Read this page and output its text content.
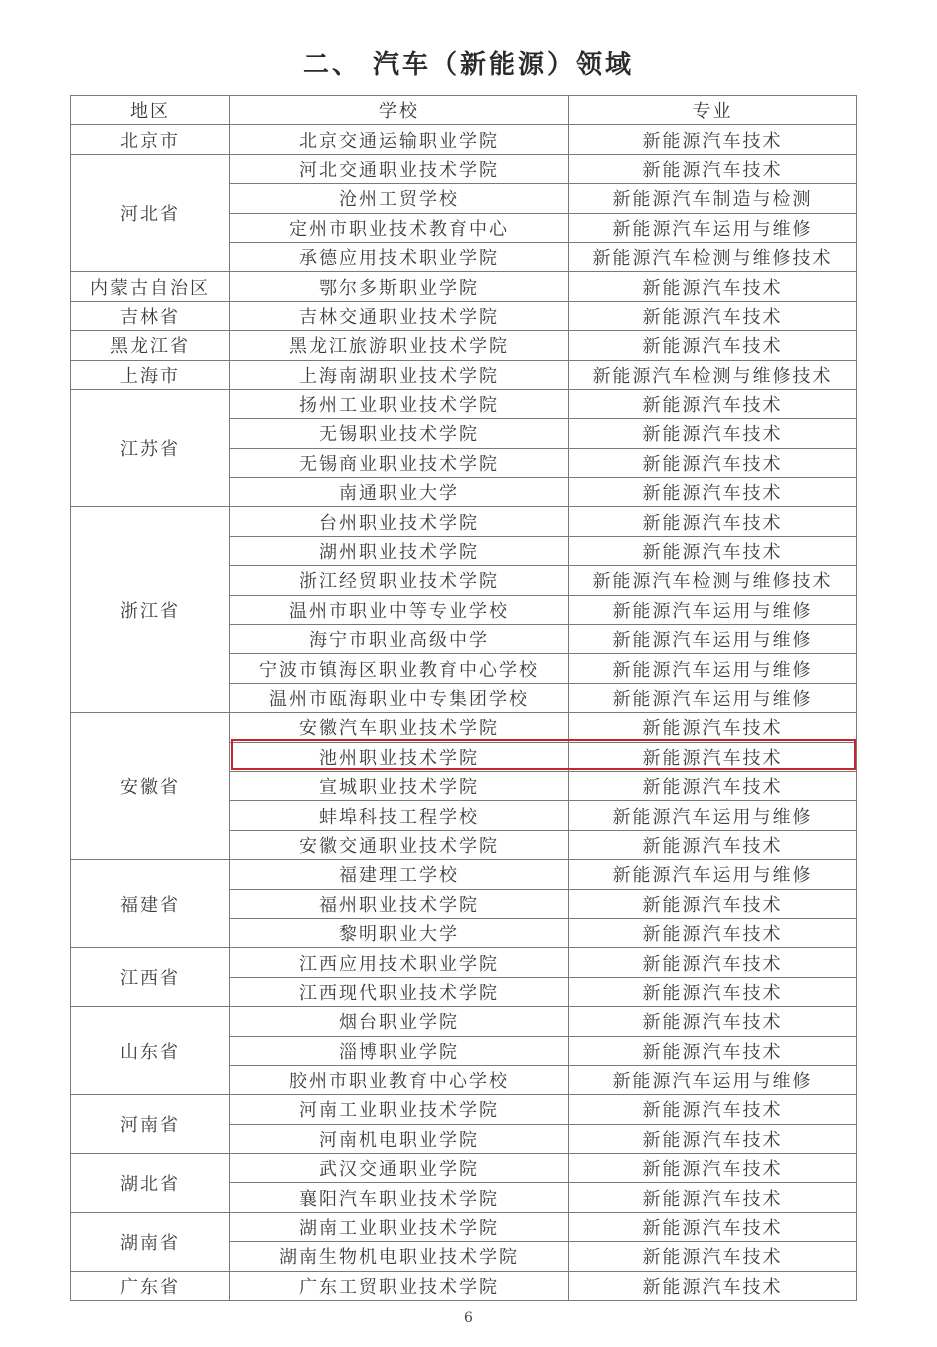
二、 汽车（新能源）领域
地区	学校	专业
北京市	北京交通运输职业学院	新能源汽车技术
河北省	河北交通职业技术学院	新能源汽车技术
	沧州工贸学校	新能源汽车制造与检测
	定州市职业技术教育中心	新能源汽车运用与维修
	承德应用技术职业学院	新能源汽车检测与维修技术
内蒙古自治区	鄂尔多斯职业学院	新能源汽车技术
吉林省	吉林交通职业技术学院	新能源汽车技术
黑龙江省	黑龙江旅游职业技术学院	新能源汽车技术
上海市	上海南湖职业技术学院	新能源汽车检测与维修技术
江苏省	扬州工业职业技术学院	新能源汽车技术
	无锡职业技术学院	新能源汽车技术
	无锡商业职业技术学院	新能源汽车技术
	南通职业大学	新能源汽车技术
浙江省	台州职业技术学院	新能源汽车技术
	湖州职业技术学院	新能源汽车技术
	浙江经贸职业技术学院	新能源汽车检测与维修技术
	温州市职业中等专业学校	新能源汽车运用与维修
	海宁市职业高级中学	新能源汽车运用与维修
	宁波市镇海区职业教育中心学校	新能源汽车运用与维修
	温州市瓯海职业中专集团学校	新能源汽车运用与维修
安徽省	安徽汽车职业技术学院	新能源汽车技术
	池州职业技术学院	新能源汽车技术
	宣城职业技术学院	新能源汽车技术
	蚌埠科技工程学校	新能源汽车运用与维修
	安徽交通职业技术学院	新能源汽车技术
福建省	福建理工学校	新能源汽车运用与维修
	福州职业技术学院	新能源汽车技术
	黎明职业大学	新能源汽车技术
江西省	江西应用技术职业学院	新能源汽车技术
	江西现代职业技术学院	新能源汽车技术
山东省	烟台职业学院	新能源汽车技术
	淄博职业学院	新能源汽车技术
	胶州市职业教育中心学校	新能源汽车运用与维修
河南省	河南工业职业技术学院	新能源汽车技术
	河南机电职业学院	新能源汽车技术
湖北省	武汉交通职业学院	新能源汽车技术
	襄阳汽车职业技术学院	新能源汽车技术
湖南省	湖南工业职业技术学院	新能源汽车技术
	湖南生物机电职业技术学院	新能源汽车技术
广东省	广东工贸职业技术学院	新能源汽车技术
6
